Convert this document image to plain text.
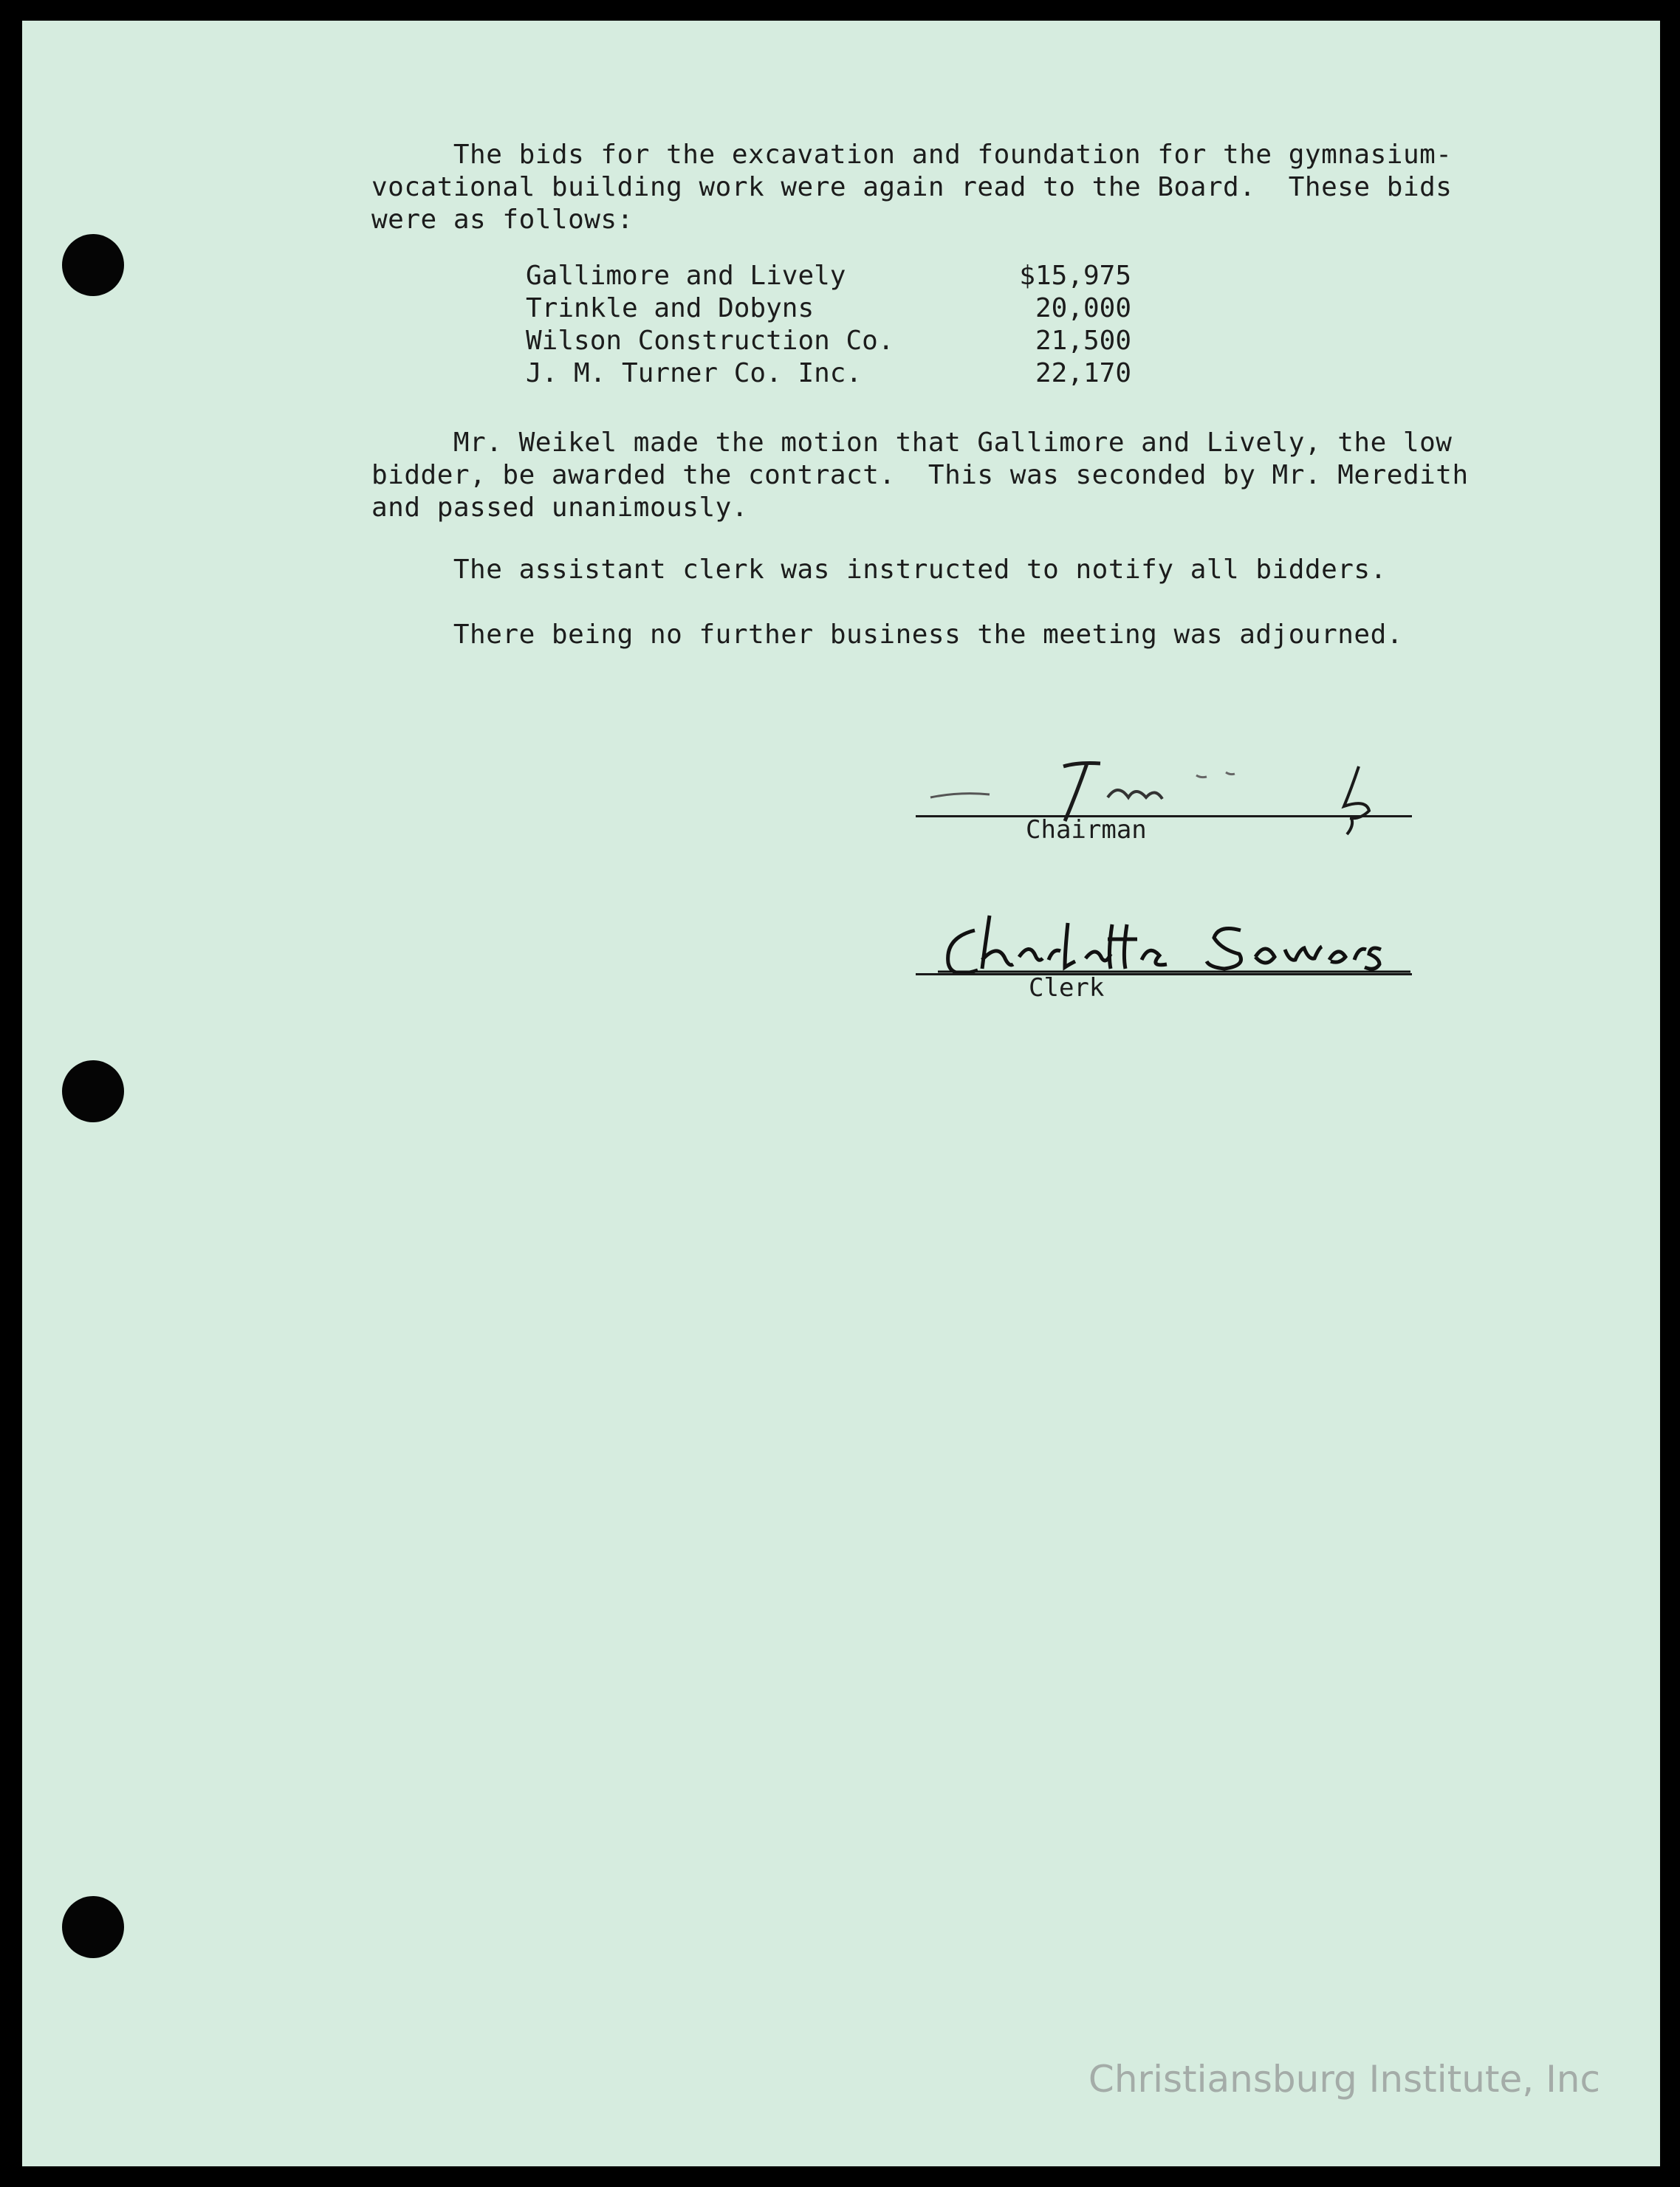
The bids for the excavation and foundation for the gymnasium-
vocational building work were again read to the Board.  These bids
were as follows:
Gallimore and Lively	$15,975
Trinkle and Dobyns	20,000
Wilson Construction Co.	21,500
J. M. Turner Co. Inc.	22,170
Mr. Weikel made the motion that Gallimore and Lively, the low
bidder, be awarded the contract.  This was seconded by Mr. Meredith
and passed unanimously.
The assistant clerk was instructed to notify all bidders.
There being no further business the meeting was adjourned.
Chairman
Clerk
Christiansburg Institute, Inc
